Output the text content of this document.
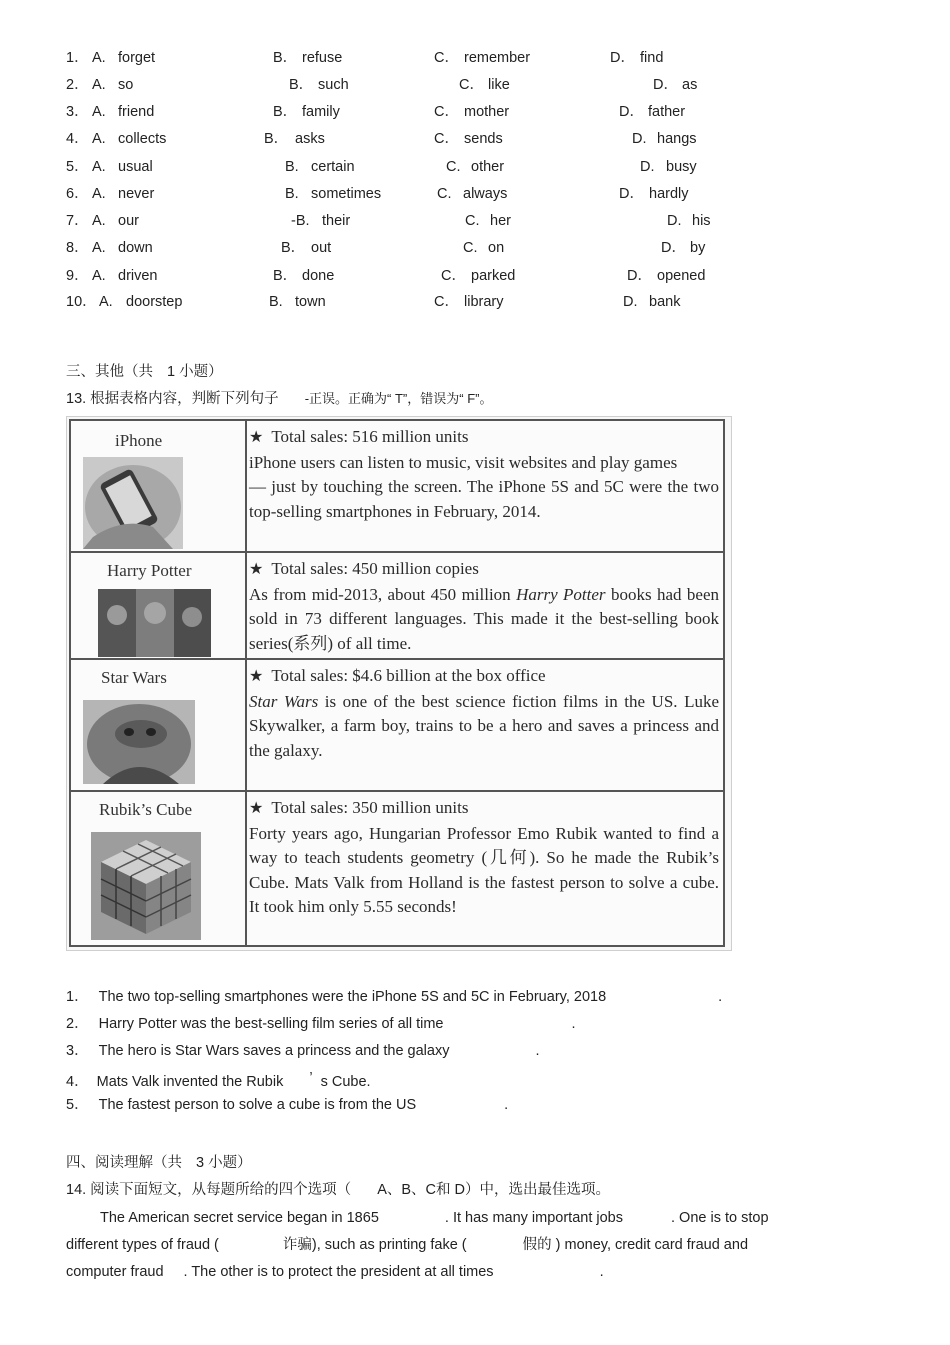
1． A. forget	B． refuse	C． remember	D． find
2． A. so	B． such	C． like	D． as
3． A. friend	B． family	C． mother	D． father
4． A. collects	B． asks	C． sends	D. hangs
5． A. usual	B. certain	C. other	D. busy
6． A. never	B. sometimes	C. always	D． hardly
7． A. our	-B. their	C. her	D. his
8． A. down	B． out	C. on	D． by
9． A. driven	B． done	C． parked	D． opened
10． A. doorstep	B. town	C． library	D. bank
三、其他（共 1 小题）
13. 根据表格内容，判断下列句子 -正误。正确为“ T”，错误为“ F”。
iPhone	★ Total sales: 516 million units
iPhone users can listen to music, visit websites and play games
— just by touching the screen. The iPhone 5S and 5C were the two top-selling smartphones in February, 2014.

Harry Potter	★ Total sales: 450 million copies
As from mid-2013, about 450 million Harry Potter books had been sold in 73 different languages. This made it the best-selling book series(系列) of all time.

Star Wars	★ Total sales: $4.6 billion at the box office
Star Wars is one of the best science fiction films in the US. Luke Skywalker, a farm boy, trains to be a hero and saves a princess and the galaxy.

Rubik’s Cube	★ Total sales: 350 million units
Forty years ago, Hungarian Professor Emo Rubik wanted to find a way to teach students geometry (几何). So he made the Rubik’s Cube. Mats Valk from Holland is the fastest person to solve a cube. It took him only 5.55 seconds!

1． The two top-selling smartphones were the iPhone 5S and 5C in February, 2018	.
2． Harry Potter was the best-selling film series of all time	.
3． The hero is Star Wars saves a princess and the galaxy	.
4． Mats Valk invented the Rubik ’ s Cube.
5． The fastest person to solve a cube is from the US	.
四、阅读理解（共 3 小题）
14. 阅读下面短文，从每题所给的四个选项（ A、B、C和 D）中，选出最佳选项。
The American secret service began in 1865	. It has many important jobs	. One is to stop
different types of fraud (	诈骗), such as printing fake (	假的 ) money, credit card fraud and
computer fraud . The other is to protect the president at all times	.
